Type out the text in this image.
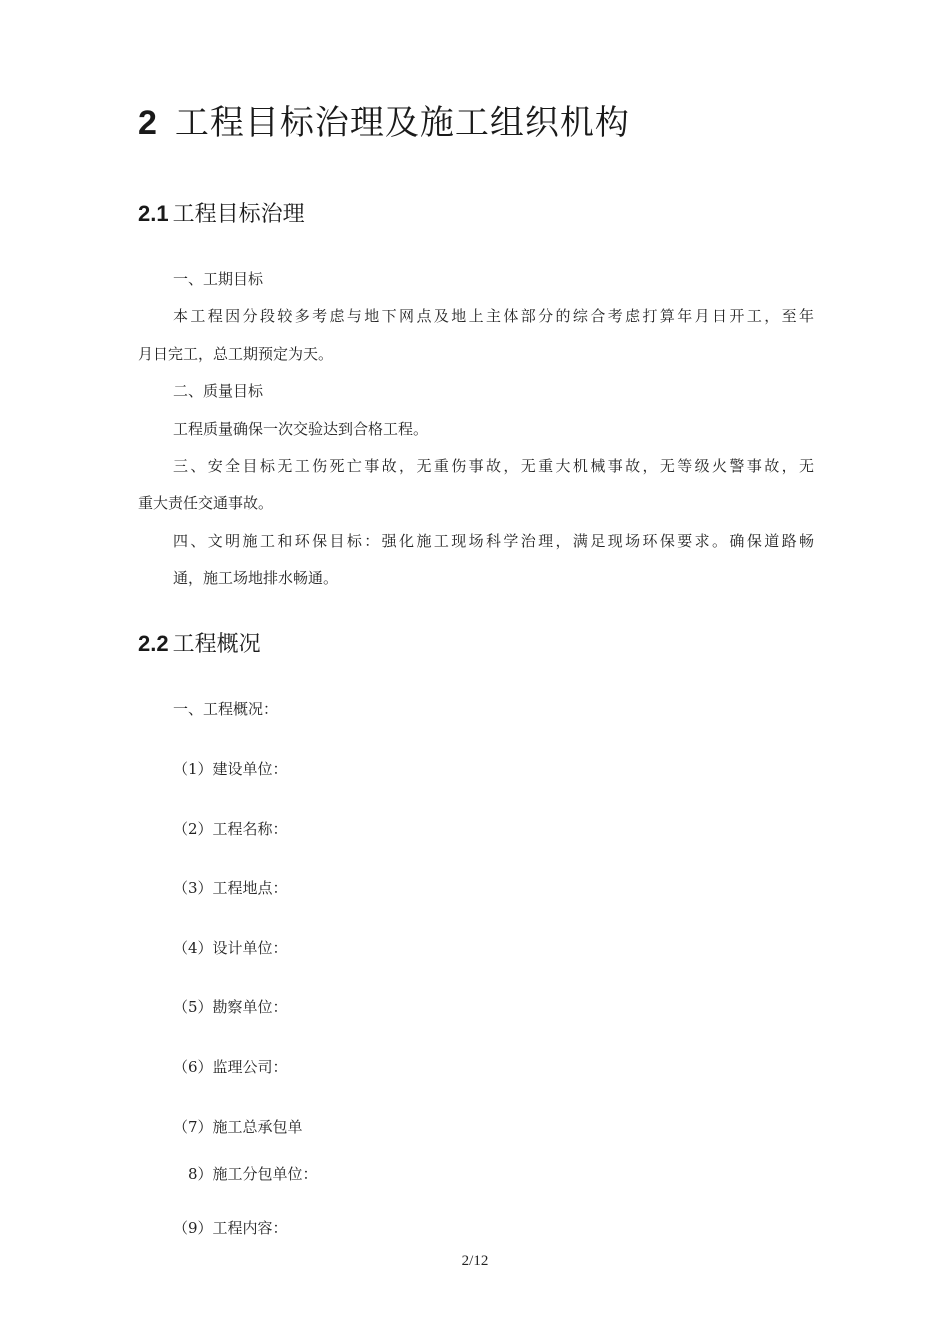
2 工程目标治理及施工组织机构
2.1 工程目标治理
一、工期目标
本工程因分段较多考虑与地下网点及地上主体部分的综合考虑打算年月日开工，至年
月日完工，总工期预定为天。
二、质量目标
工程质量确保一次交验达到合格工程。
三、安全目标无工伤死亡事故，无重伤事故，无重大机械事故，无等级火警事故，无
重大责任交通事故。
四、文明施工和环保目标：强化施工现场科学治理，满足现场环保要求。确保道路畅
通，施工场地排水畅通。
2.2 工程概况
一、工程概况：
（1）建设单位：
（2）工程名称：
（3）工程地点：
（4）设计单位：
（5）勘察单位：
（6）监理公司：
（7）施工总承包单
8）施工分包单位：
（9）工程内容：
2/12
